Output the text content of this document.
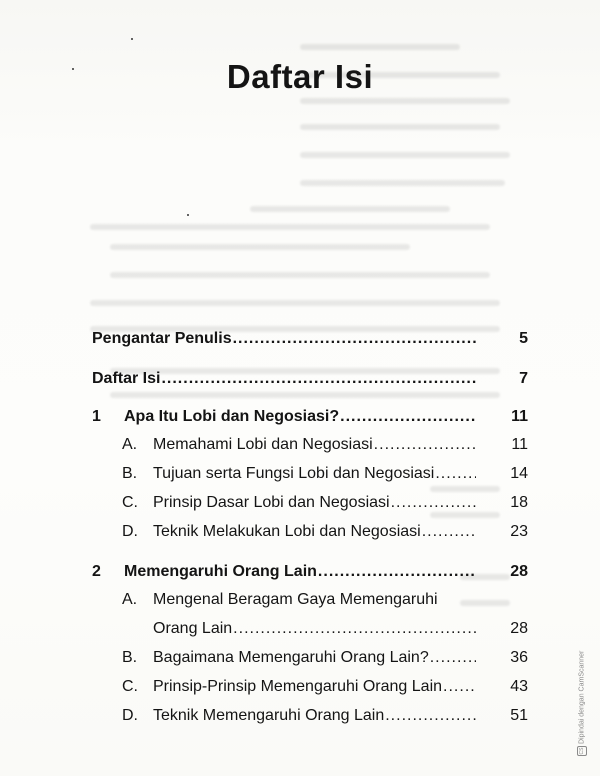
Daftar Isi
Pengantar Penulis .....	5
Daftar Isi .....	7
1	Apa Itu Lobi dan Negosiasi? .....	11
A. Memahami Lobi dan Negosiasi .....	11
B. Tujuan serta Fungsi Lobi dan Negosiasi .....	14
C. Prinsip Dasar Lobi dan Negosiasi .....	18
D. Teknik Melakukan Lobi dan Negosiasi .....	23
2	Memengaruhi Orang Lain .....	28
A. Mengenal Beragam Gaya Memengaruhi
Orang Lain .....	28
B. Bagaimana Memengaruhi Orang Lain? .....	36
C. Prinsip-Prinsip Memengaruhi Orang Lain .....	43
D. Teknik Memengaruhi Orang Lain .....	51
CS
Dipindai dengan CamScanner
